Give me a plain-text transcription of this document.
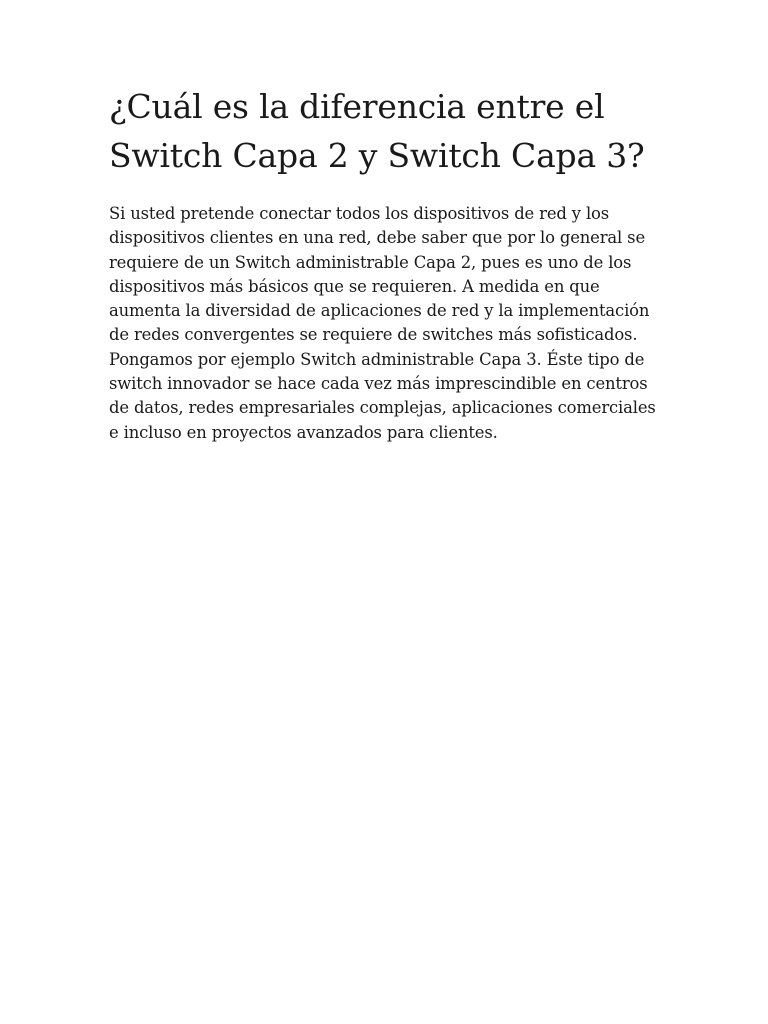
¿Cuál es la diferencia entre el Switch Capa 2 y Switch Capa 3?

Si usted pretende conectar todos los dispositivos de red y los dispositivos clientes en una red, debe saber que por lo general se requiere de un Switch administrable Capa 2, pues es uno de los dispositivos más básicos que se requieren. A medida en que aumenta la diversidad de aplicaciones de red y la implementación de redes convergentes se requiere de switches más sofisticados. Pongamos por ejemplo Switch administrable Capa 3. Éste tipo de switch innovador se hace cada vez más imprescindible en centros de datos, redes empresariales complejas, aplicaciones comerciales e incluso en proyectos avanzados para clientes.
